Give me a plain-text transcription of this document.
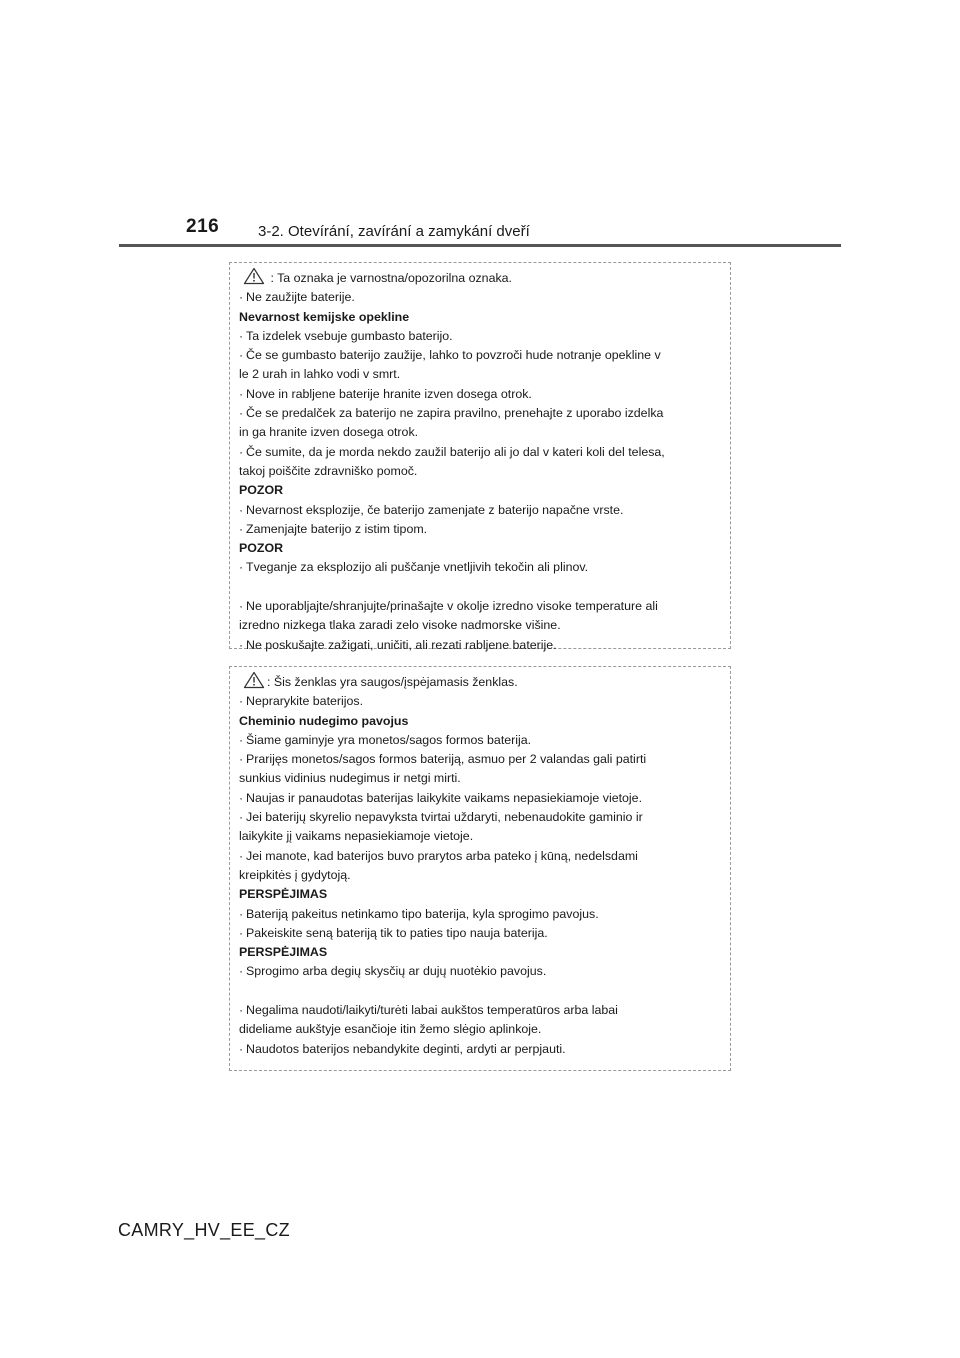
216	3-2. Otevírání, zavírání a zamykání dveří
: Ta oznaka je varnostna/opozorilna oznaka.
· Ne zaužijte baterije.
Nevarnost kemijske opekline
· Ta izdelek vsebuje gumbasto baterijo.
· Če se gumbasto baterijo zaužije, lahko to povzroči hude notranje opekline v
le 2 urah in lahko vodi v smrt.
· Nove in rabljene baterije hranite izven dosega otrok.
· Če se predalček za baterijo ne zapira pravilno, prenehajte z uporabo izdelka
in ga hranite izven dosega otrok.
· Če sumite, da je morda nekdo zaužil baterijo ali jo dal v kateri koli del telesa,
takoj poiščite zdravniško pomoč.
POZOR
· Nevarnost eksplozije, če baterijo zamenjate z baterijo napačne vrste.
· Zamenjajte baterijo z istim tipom.
POZOR
· Tveganje za eksplozijo ali puščanje vnetljivih tekočin ali plinov.
· Ne uporabljajte/shranjujte/prinašajte v okolje izredno visoke temperature ali
izredno nizkega tlaka zaradi zelo visoke nadmorske višine.
· Ne poskušajte zažigati, uničiti, ali rezati rabljene baterije.
: Šis ženklas yra saugos/įspėjamasis ženklas.
· Neprarykite baterijos.
Cheminio nudegimo pavojus
· Šiame gaminyje yra monetos/sagos formos baterija.
· Prarijęs monetos/sagos formos bateriją, asmuo per 2 valandas gali patirti
sunkius vidinius nudegimus ir netgi mirti.
· Naujas ir panaudotas baterijas laikykite vaikams nepasiekiamoje vietoje.
· Jei baterijų skyrelio nepavyksta tvirtai uždaryti, nebenaudokite gaminio ir
laikykite jį vaikams nepasiekiamoje vietoje.
· Jei manote, kad baterijos buvo prarytos arba pateko į kūną, nedelsdami
kreipkitės į gydytoją.
PERSPĖJIMAS
· Bateriją pakeitus netinkamo tipo baterija, kyla sprogimo pavojus.
· Pakeiskite seną bateriją tik to paties tipo nauja baterija.
PERSPĖJIMAS
· Sprogimo arba degių skysčių ar dujų nuotėkio pavojus.
· Negalima naudoti/laikyti/turėti labai aukštos temperatūros arba labai
dideliame aukštyje esančioje itin žemo slėgio aplinkoje.
· Naudotos baterijos nebandykite deginti, ardyti ar perpjauti.
CAMRY_HV_EE_CZ
